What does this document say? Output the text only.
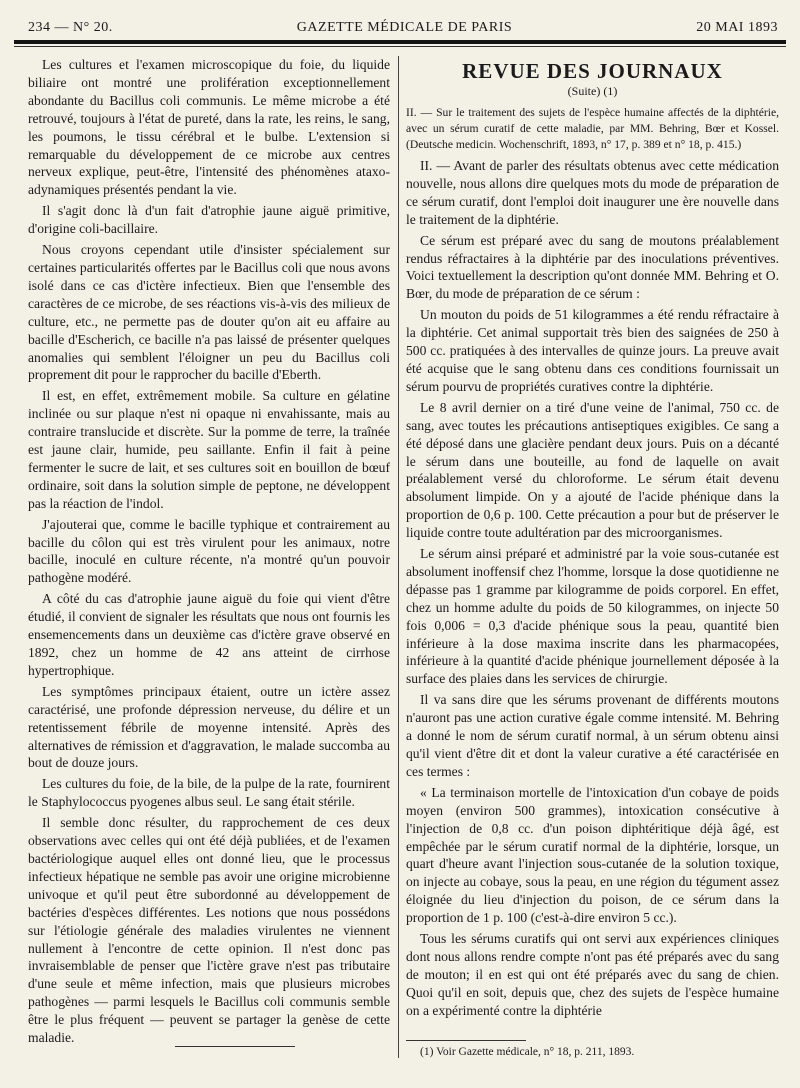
234 — N° 20.	GAZETTE MÉDICALE DE PARIS	20 MAI 1893

Les cultures et l'examen microscopique du foie, du liquide biliaire ont montré une prolifération exceptionnellement abondante du Bacillus coli communis. Le même microbe a été retrouvé, toujours à l'état de pureté, dans la rate, les reins, le sang, les poumons, le tissu cérébral et le bulbe. L'extension si remarquable du développement de ce microbe aux centres nerveux explique, peut-être, l'intensité des phénomènes ataxo-adynamiques présentés pendant la vie.

Il s'agit donc là d'un fait d'atrophie jaune aiguë primitive, d'origine coli-bacillaire.

Nous croyons cependant utile d'insister spécialement sur certaines particularités offertes par le Bacillus coli que nous avons isolé dans ce cas d'ictère infectieux. Bien que l'ensemble des caractères de ce microbe, de ses réactions vis-à-vis des milieux de culture, etc., ne permette pas de douter qu'on ait eu affaire au bacille d'Escherich, ce bacille n'a pas laissé de présenter quelques anomalies qui semblent l'éloigner un peu du Bacillus coli proprement dit pour le rapprocher du bacille d'Eberth.

Il est, en effet, extrêmement mobile. Sa culture en gélatine inclinée ou sur plaque n'est ni opaque ni envahissante, mais au contraire translucide et discrète. Sur la pomme de terre, la traînée est jaune clair, humide, peu saillante. Enfin il fait à peine fermenter le sucre de lait, et ses cultures soit en bouillon de bœuf ordinaire, soit dans la solution simple de peptone, ne développent pas la réaction de l'indol.

J'ajouterai que, comme le bacille typhique et contrairement au bacille du côlon qui est très virulent pour les animaux, notre bacille, inoculé en culture récente, n'a montré qu'un pouvoir pathogène modéré.

A côté du cas d'atrophie jaune aiguë du foie qui vient d'être étudié, il convient de signaler les résultats que nous ont fournis les ensemencements dans un deuxième cas d'ictère grave observé en 1892, chez un homme de 42 ans atteint de cirrhose hypertrophique.

Les symptômes principaux étaient, outre un ictère assez caractérisé, une profonde dépression nerveuse, du délire et un retentissement fébrile de moyenne intensité. Après des alternatives de rémission et d'aggravation, le malade succomba au bout de douze jours.

Les cultures du foie, de la bile, de la pulpe de la rate, fournirent le Staphylococcus pyogenes albus seul. Le sang était stérile.

Il semble donc résulter, du rapprochement de ces deux observations avec celles qui ont été déjà publiées, et de l'examen bactériologique auquel elles ont donné lieu, que le processus infectieux hépatique ne semble pas avoir une origine microbienne univoque et qu'il peut être subordonné au développement de bactéries d'espèces différentes. Les notions que nous possédons sur l'étiologie générale des maladies virulentes ne viennent nullement à l'encontre de cette opinion. Il n'est donc pas invraisemblable de penser que l'ictère grave n'est pas tributaire d'une seule et même infection, mais que plusieurs microbes pathogènes — parmi lesquels le Bacillus coli communis semble être le plus fréquent — peuvent se partager la genèse de cette maladie.

REVUE DES JOURNAUX
(Suite) (1)
II. — Sur le traitement des sujets de l'espèce humaine affectés de la diphtérie, avec un sérum curatif de cette maladie, par MM. Behring, Bœr et Kossel. (Deutsche medicin. Wochenschrift, 1893, n° 17, p. 389 et n° 18, p. 415.)

II. — Avant de parler des résultats obtenus avec cette médication nouvelle, nous allons dire quelques mots du mode de préparation de ce sérum curatif, dont l'emploi doit inaugurer une ère nouvelle dans le traitement de la diphtérie.

Ce sérum est préparé avec du sang de moutons préalablement rendus réfractaires à la diphtérie par des inoculations préventives. Voici textuellement la description qu'ont donnée MM. Behring et O. Bœr, du mode de préparation de ce sérum :

Un mouton du poids de 51 kilogrammes a été rendu réfractaire à la diphtérie. Cet animal supportait très bien des saignées de 250 à 500 cc. pratiquées à des intervalles de quinze jours. La preuve avait été acquise que le sang obtenu dans ces conditions fournissait un sérum pourvu de propriétés curatives contre la diphtérie.

Le 8 avril dernier on a tiré d'une veine de l'animal, 750 cc. de sang, avec toutes les précautions antiseptiques exigibles. Ce sang a été déposé dans une glacière pendant deux jours. Puis on a décanté le sérum dans une bouteille, au fond de laquelle on avait préalablement versé du chloroforme. Le sérum était devenu absolument limpide. On y a ajouté de l'acide phénique dans la proportion de 0,6 p. 100. Cette précaution a pour but de préserver le liquide contre toute adultération par des microorganismes.

Le sérum ainsi préparé et administré par la voie sous-cutanée est absolument inoffensif chez l'homme, lorsque la dose quotidienne ne dépasse pas 1 gramme par kilogramme de poids corporel. En effet, chez un homme adulte du poids de 50 kilogrammes, on injecte 50 fois 0,006 = 0,3 d'acide phénique sous la peau, quantité bien inférieure à la dose maxima inscrite dans les pharmacopées, inférieure à la quantité d'acide phénique journellement déposée à la surface des plaies dans les services de chirurgie.

Il va sans dire que les sérums provenant de différents moutons n'auront pas une action curative égale comme intensité. M. Behring a donné le nom de sérum curatif normal, à un sérum obtenu ainsi qu'il vient d'être dit et dont la valeur curative a été caractérisée en ces termes :

« La terminaison mortelle de l'intoxication d'un cobaye de poids moyen (environ 500 grammes), intoxication consécutive à l'injection de 0,8 cc. d'un poison diphtéritique déjà âgé, est empêchée par le sérum curatif normal de la diphtérie, lorsque, un quart d'heure avant l'injection sous-cutanée de la solution toxique, on injecte au cobaye, sous la peau, en une région du tégument assez éloignée du lieu d'injection du poison, de ce sérum dans la proportion de 1 p. 100 (c'est-à-dire environ 5 cc.).

Tous les sérums curatifs qui ont servi aux expériences cliniques dont nous allons rendre compte n'ont pas été préparés avec du sang de mouton; il en est qui ont été préparés avec du sang de chien. Quoi qu'il en soit, depuis que, chez des sujets de l'espèce humaine on a expérimenté contre la diphtérie

(1) Voir Gazette médicale, n° 18, p. 211, 1893.
